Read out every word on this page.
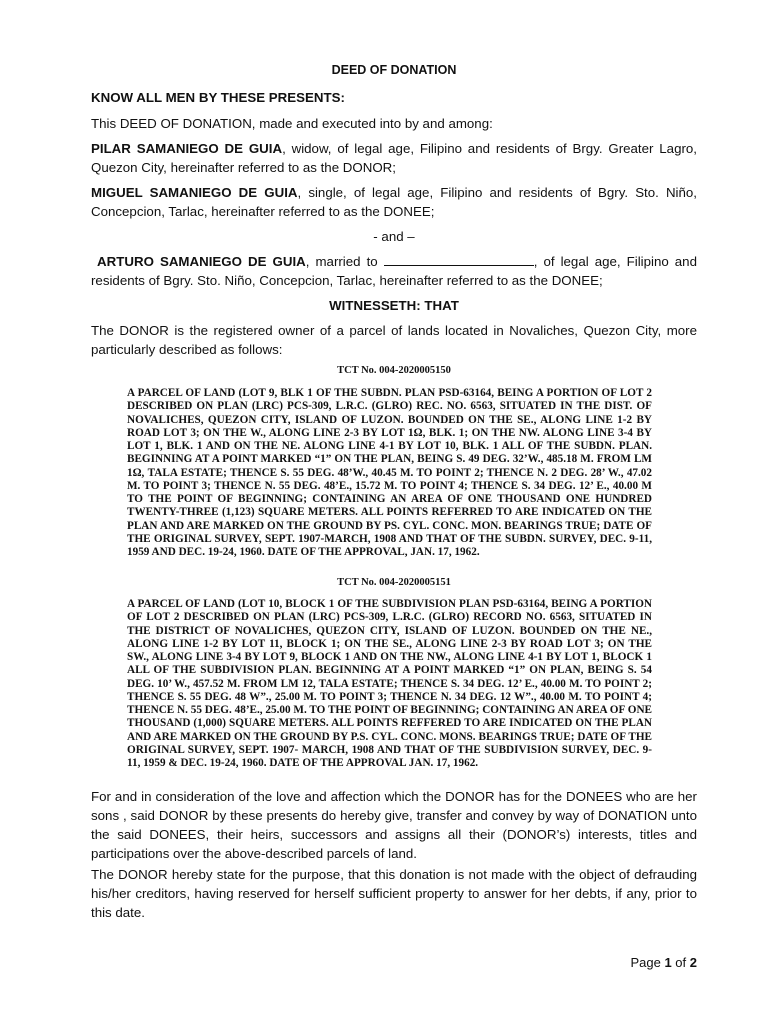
DEED OF DONATION
KNOW ALL MEN BY THESE PRESENTS:
This DEED OF DONATION, made and executed into by and among:
PILAR SAMANIEGO DE GUIA, widow, of legal age, Filipino and residents of Brgy. Greater Lagro, Quezon City, hereinafter referred to as the DONOR;
MIGUEL SAMANIEGO DE GUIA, single, of legal age, Filipino and residents of Bgry. Sto. Niño, Concepcion, Tarlac, hereinafter referred to as the DONEE;
- and –
ARTURO SAMANIEGO DE GUIA, married to	, of legal age, Filipino and residents of Bgry. Sto. Niño, Concepcion, Tarlac, hereinafter referred to as the DONEE;
WITNESSETH: THAT
The DONOR is the registered owner of a parcel of lands located in Novaliches, Quezon City, more particularly described as follows:
TCT No. 004-2020005150
A PARCEL OF LAND (LOT 9, BLK 1 OF THE SUBDN. PLAN PSD-63164, BEING A PORTION OF LOT 2 DESCRIBED ON PLAN (LRC) PCS-309, L.R.C. (GLRO) REC. NO. 6563, SITUATED IN THE DIST. OF NOVALICHES, QUEZON CITY, ISLAND OF LUZON. BOUNDED ON THE SE., ALONG LINE 1-2 BY ROAD LOT 3; ON THE W., ALONG LINE 2-3 BY LOT 1Ω, BLK. 1; ON THE NW. ALONG LINE 3-4 BY LOT 1, BLK. 1 AND ON THE NE. ALONG LINE 4-1 BY LOT 10, BLK. 1 ALL OF THE SUBDN. PLAN. BEGINNING AT A POINT MARKED “1” ON THE PLAN, BEING S. 49 DEG. 32’W., 485.18 M. FROM LM 1Ω, TALA ESTATE; THENCE S. 55 DEG. 48’W., 40.45 M. TO POINT 2; THENCE N. 2 DEG. 28’ W., 47.02 M. TO POINT 3; THENCE N. 55 DEG. 48’E., 15.72 M. TO POINT 4; THENCE S. 34 DEG. 12’ E., 40.00 M TO THE POINT OF BEGINNING; CONTAINING AN AREA OF ONE THOUSAND ONE HUNDRED TWENTY-THREE (1,123) SQUARE METERS. ALL POINTS REFERRED TO ARE INDICATED ON THE PLAN AND ARE MARKED ON THE GROUND BY PS. CYL. CONC. MON. BEARINGS TRUE; DATE OF THE ORIGINAL SURVEY, SEPT. 1907-MARCH, 1908 AND THAT OF THE SUBDN. SURVEY, DEC. 9-11, 1959 AND DEC. 19-24, 1960. DATE OF THE APPROVAL, JAN. 17, 1962.
TCT No. 004-2020005151
A PARCEL OF LAND (LOT 10, BLOCK 1 OF THE SUBDIVISION PLAN PSD-63164, BEING A PORTION OF LOT 2 DESCRIBED ON PLAN (LRC) PCS-309, L.R.C. (GLRO) RECORD NO. 6563, SITUATED IN THE DISTRICT OF NOVALICHES, QUEZON CITY, ISLAND OF LUZON. BOUNDED ON THE NE., ALONG LINE 1-2 BY LOT 11, BLOCK 1; ON THE SE., ALONG LINE 2-3 BY ROAD LOT 3; ON THE SW., ALONG LINE 3-4 BY LOT 9, BLOCK 1 AND ON THE NW., ALONG LINE 4-1 BY LOT 1, BLOCK 1 ALL OF THE SUBDIVISION PLAN. BEGINNING AT A POINT MARKED “1” ON PLAN, BEING S. 54 DEG. 10’ W., 457.52 M. FROM LM 12, TALA ESTATE; THENCE S. 34 DEG. 12’ E., 40.00 M. TO POINT 2; THENCE S. 55 DEG. 48 W”., 25.00 M. TO POINT 3; THENCE N. 34 DEG. 12 W”., 40.00 M. TO POINT 4; THENCE N. 55 DEG. 48’E., 25.00 M. TO THE POINT OF BEGINNING; CONTAINING AN AREA OF ONE THOUSAND (1,000) SQUARE METERS. ALL POINTS REFFERED TO ARE INDICATED ON THE PLAN AND ARE MARKED ON THE GROUND BY P.S. CYL. CONC. MONS. BEARINGS TRUE; DATE OF THE ORIGINAL SURVEY, SEPT. 1907- MARCH, 1908 AND THAT OF THE SUBDIVISION SURVEY, DEC. 9-11, 1959 & DEC. 19-24, 1960. DATE OF THE APPROVAL JAN. 17, 1962.
For and in consideration of the love and affection which the DONOR has for the DONEES who are her sons , said DONOR by these presents do hereby give, transfer and convey by way of DONATION unto the said DONEES, their heirs, successors and assigns all their (DONOR’s) interests, titles and participations over the above-described parcels of land.
The DONOR hereby state for the purpose, that this donation is not made with the object of defrauding his/her creditors, having reserved for herself sufficient property to answer for her debts, if any, prior to this date.
Page 1 of 2
